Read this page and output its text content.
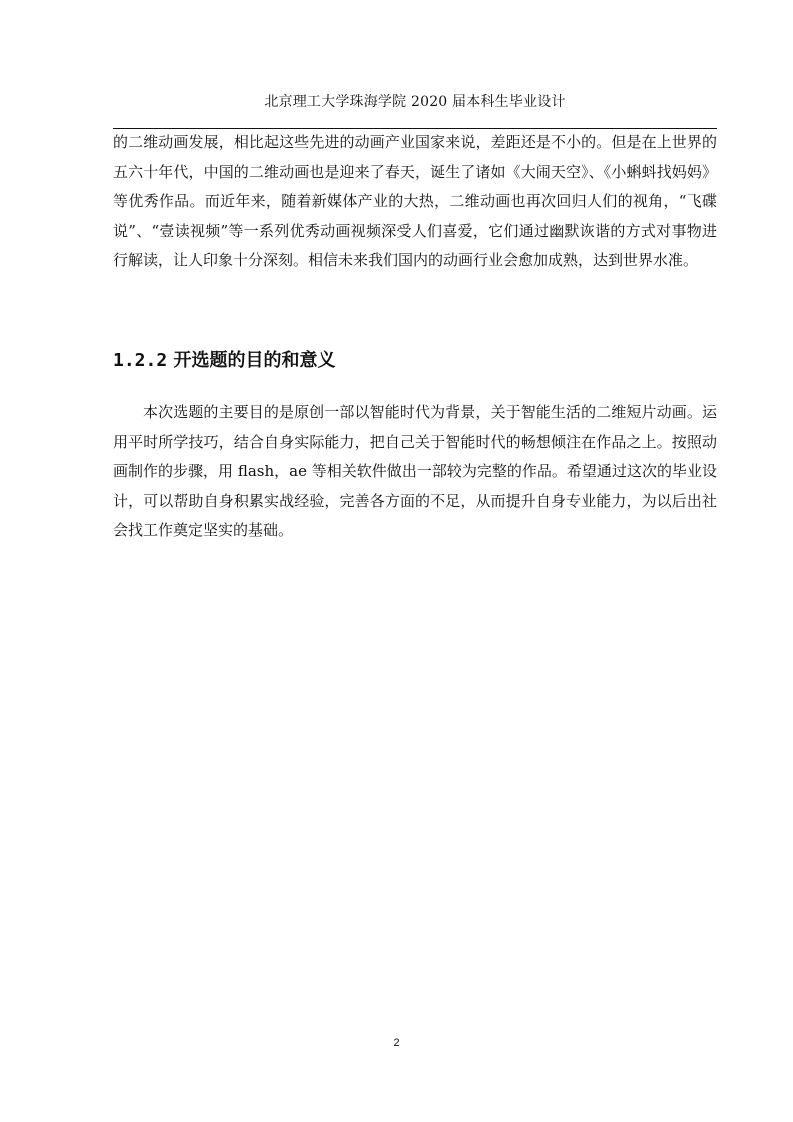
北京理工大学珠海学院 2020 届本科生毕业设计

的二维动画发展，相比起这些先进的动画产业国家来说，差距还是不小的。但是在上世界的五六十年代，中国的二维动画也是迎来了春天，诞生了诸如《大闹天空》、《小蝌蚪找妈妈》等优秀作品。而近年来，随着新媒体产业的大热，二维动画也再次回归人们的视角，“飞碟说”、“壹读视频”等一系列优秀动画视频深受人们喜爱，它们通过幽默诙谐的方式对事物进行解读，让人印象十分深刻。相信未来我们国内的动画行业会愈加成熟，达到世界水准。

1.2.2 开选题的目的和意义

本次选题的主要目的是原创一部以智能时代为背景，关于智能生活的二维短片动画。运用平时所学技巧，结合自身实际能力，把自己关于智能时代的畅想倾注在作品之上。按照动画制作的步骤，用 flash，ae 等相关软件做出一部较为完整的作品。希望通过这次的毕业设计，可以帮助自身积累实战经验，完善各方面的不足，从而提升自身专业能力，为以后出社会找工作奠定坚实的基础。

2
